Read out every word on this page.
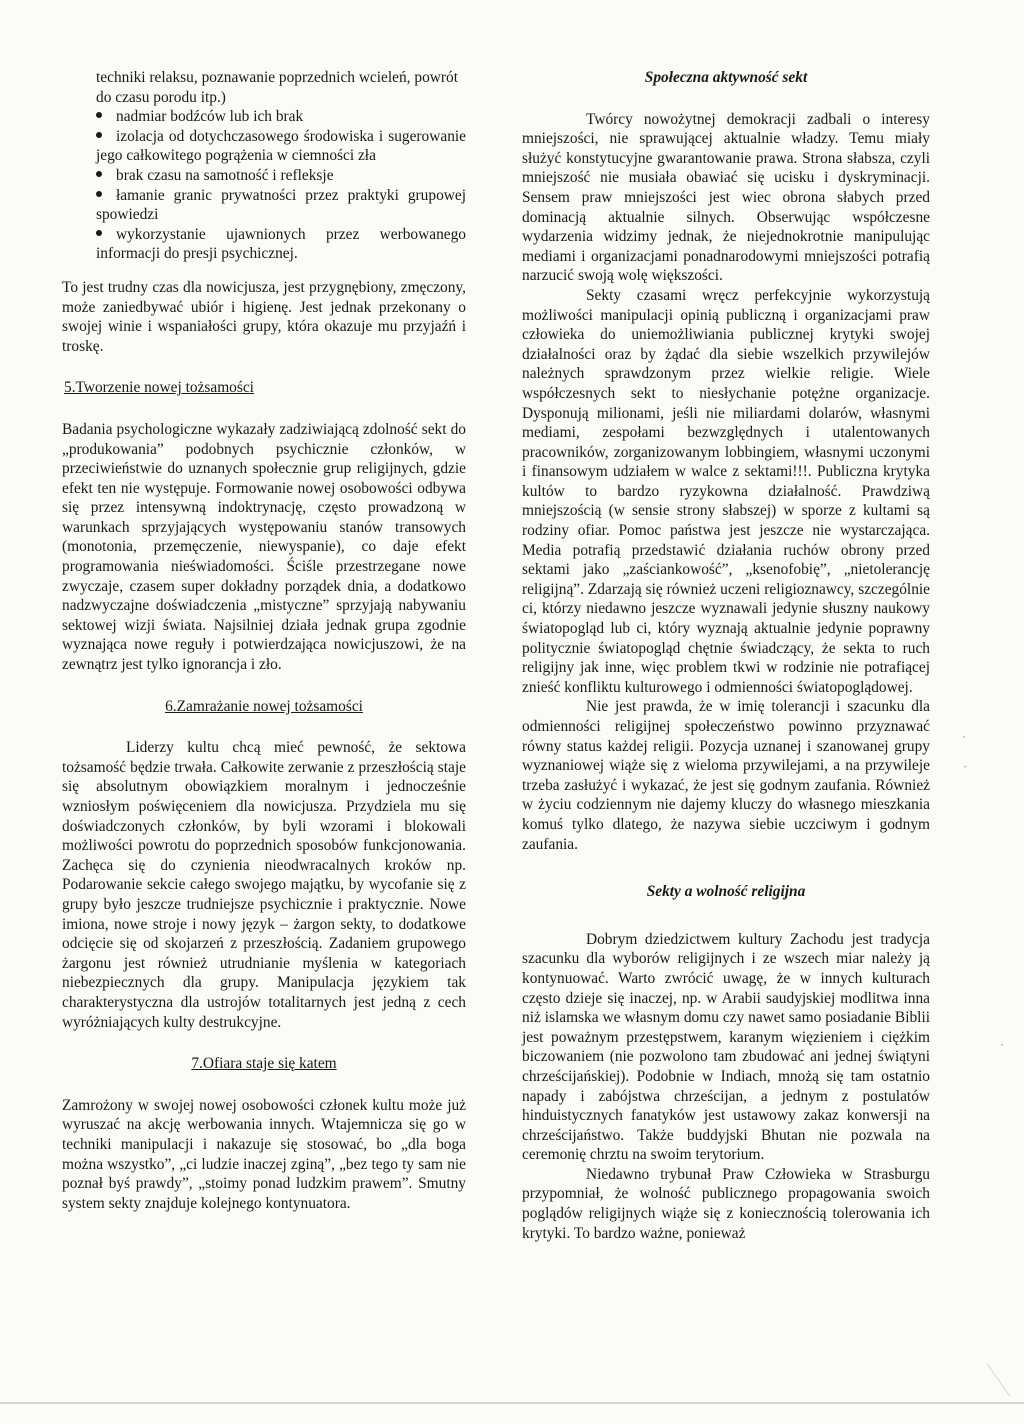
techniki relaksu, poznawanie poprzednich wcieleń, powrót do czasu porodu itp.)

nadmiar bodźców lub ich brak
izolacja od dotychczasowego środowiska i sugerowanie jego całkowitego pogrążenia w ciemności zła
brak czasu na samotność i refleksje
łamanie granic prywatności przez praktyki grupowej spowiedzi
wykorzystanie ujawnionych przez werbowanego informacji do presji psychicznej.

To jest trudny czas dla nowicjusza, jest przygnębiony, zmęczony, może zaniedbywać ubiór i higienę. Jest jednak przekonany o swojej winie i wspaniałości grupy, która okazuje mu przyjaźń i troskę.

5.Tworzenie nowej tożsamości

Badania psychologiczne wykazały zadziwiającą zdolność sekt do „produkowania” podobnych psychicznie członków, w przeciwieństwie do uznanych społecznie grup religijnych, gdzie efekt ten nie występuje. Formowanie nowej osobowości odbywa się przez intensywną indoktrynację, często prowadzoną w warunkach sprzyjających występowaniu stanów transowych (monotonia, przemęczenie, niewyspanie), co daje efekt programowania nieświadomości. Ściśle przestrzegane nowe zwyczaje, czasem super dokładny porządek dnia, a dodatkowo nadzwyczajne doświadczenia „mistyczne” sprzyjają nabywaniu sektowej wizji świata. Najsilniej działa jednak grupa zgodnie wyznająca nowe reguły i potwierdzająca nowicjuszowi, że na zewnątrz jest tylko ignorancja i zło.

6.Zamrażanie nowej tożsamości

Liderzy kultu chcą mieć pewność, że sektowa tożsamość będzie trwała. Całkowite zerwanie z przeszłością staje się absolutnym obowiązkiem moralnym i jednocześnie wzniosłym poświęceniem dla nowicjusza. Przydziela mu się doświadczonych członków, by byli wzorami i blokowali możliwości powrotu do poprzednich sposobów funkcjonowania. Zachęca się do czynienia nieodwracalnych kroków np. Podarowanie sekcie całego swojego majątku, by wycofanie się z grupy było jeszcze trudniejsze psychicznie i praktycznie. Nowe imiona, nowe stroje i nowy język – żargon sekty, to dodatkowe odcięcie się od skojarzeń z przeszłością. Zadaniem grupowego żargonu jest również utrudnianie myślenia w kategoriach niebezpiecznych dla grupy. Manipulacja językiem tak charakterystyczna dla ustrojów totalitarnych jest jedną z cech wyróżniających kulty destrukcyjne.

7.Ofiara staje się katem

Zamrożony w swojej nowej osobowości członek kultu może już wyruszać na akcję werbowania innych. Wtajemnicza się go w techniki manipulacji i nakazuje się stosować, bo „dla boga można wszystko”, „ci ludzie inaczej zginą”, „bez tego ty sam nie poznał byś prawdy”, „stoimy ponad ludzkim prawem”. Smutny system sekty znajduje kolejnego kontynuatora.

Społeczna aktywność sekt

Twórcy nowożytnej demokracji zadbali o interesy mniejszości, nie sprawującej aktualnie władzy. Temu miały służyć konstytucyjne gwarantowanie prawa. Strona słabsza, czyli mniejszość nie musiała obawiać się ucisku i dyskryminacji. Sensem praw mniejszości jest wiec obrona słabych przed dominacją aktualnie silnych. Obserwując współczesne wydarzenia widzimy jednak, że niejednokrotnie manipulując mediami i organizacjami ponadnarodowymi mniejszości potrafią narzucić swoją wolę większości.

Sekty czasami wręcz perfekcyjnie wykorzystują możliwości manipulacji opinią publiczną i organizacjami praw człowieka do uniemożliwiania publicznej krytyki swojej działalności oraz by żądać dla siebie wszelkich przywilejów należnych sprawdzonym przez wielkie religie. Wiele współczesnych sekt to niesłychanie potężne organizacje. Dysponują milionami, jeśli nie miliardami dolarów, własnymi mediami, zespołami bezwzględnych i utalentowanych pracowników, zorganizowanym lobbingiem, własnymi uczonymi i finansowym udziałem w walce z sektami!!!. Publiczna krytyka kultów to bardzo ryzykowna działalność. Prawdziwą mniejszością (w sensie strony słabszej) w sporze z kultami są rodziny ofiar. Pomoc państwa jest jeszcze nie wystarczająca. Media potrafią przedstawić działania ruchów obrony przed sektami jako „zaściankowość”, „ksenofobię”, „nietolerancję religijną”. Zdarzają się również uczeni religioznawcy, szczególnie ci, którzy niedawno jeszcze wyznawali jedynie słuszny naukowy światopogląd lub ci, który wyznają aktualnie jedynie poprawny politycznie światopogląd chętnie świadczący, że sekta to ruch religijny jak inne, więc problem tkwi w rodzinie nie potrafiącej znieść konfliktu kulturowego i odmienności światopoglądowej.

Nie jest prawda, że w imię tolerancji i szacunku dla odmienności religijnej społeczeństwo powinno przyznawać równy status każdej religii. Pozycja uznanej i szanowanej grupy wyznaniowej wiąże się z wieloma przywilejami, a na przywileje trzeba zasłużyć i wykazać, że jest się godnym zaufania. Również w życiu codziennym nie dajemy kluczy do własnego mieszkania komuś tylko dlatego, że nazywa siebie uczciwym i godnym zaufania.

Sekty a wolność religijna

Dobrym dziedzictwem kultury Zachodu jest tradycja szacunku dla wyborów religijnych i ze wszech miar należy ją kontynuować. Warto zwrócić uwagę, że w innych kulturach często dzieje się inaczej, np. w Arabii saudyjskiej modlitwa inna niż islamska we własnym domu czy nawet samo posiadanie Biblii jest poważnym przestępstwem, karanym więzieniem i ciężkim biczowaniem (nie pozwolono tam zbudować ani jednej świątyni chrześcijańskiej). Podobnie w Indiach, mnożą się tam ostatnio napady i zabójstwa chrześcijan, a jednym z postulatów hinduistycznych fanatyków jest ustawowy zakaz konwersji na chrześcijaństwo. Także buddyjski Bhutan nie pozwala na ceremonię chrztu na swoim terytorium.

Niedawno trybunał Praw Człowieka w Strasburgu przypomniał, że wolność publicznego propagowania swoich poglądów religijnych wiąże się z koniecznością tolerowania ich krytyki. To bardzo ważne, ponieważ

·
·
·
